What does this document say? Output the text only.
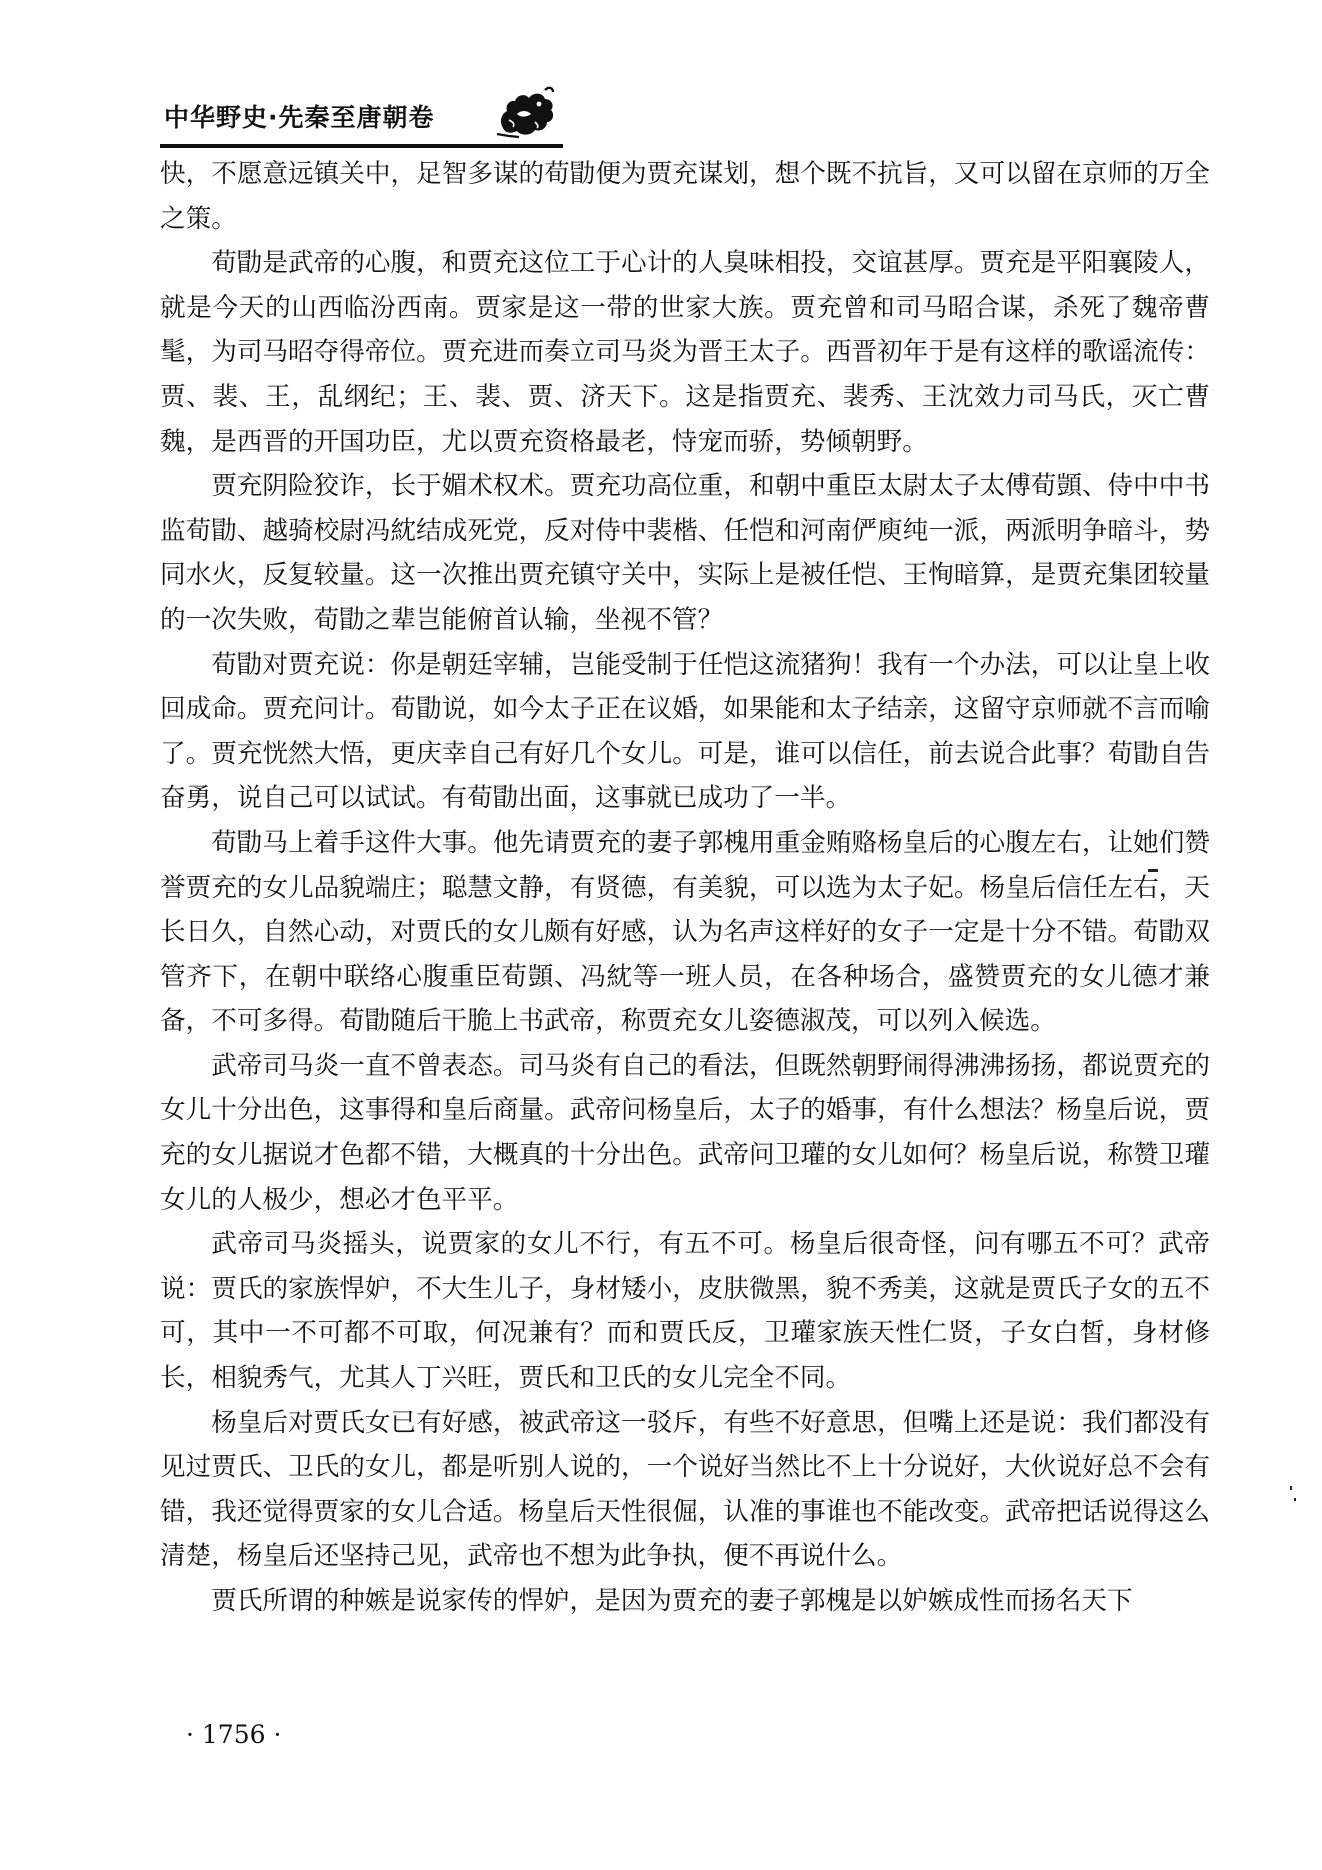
中华野史·先秦至唐朝卷

快，不愿意远镇关中，足智多谋的荀勖便为贾充谋划，想个既不抗旨，又可以留在京师的万全之策。

荀勖是武帝的心腹，和贾充这位工于心计的人臭味相投，交谊甚厚。贾充是平阳襄陵人，就是今天的山西临汾西南。贾家是这一带的世家大族。贾充曾和司马昭合谋，杀死了魏帝曹髦，为司马昭夺得帝位。贾充进而奏立司马炎为晋王太子。西晋初年于是有这样的歌谣流传：贾、裴、王，乱纲纪；王、裴、贾、济天下。这是指贾充、裴秀、王沈效力司马氏，灭亡曹魏，是西晋的开国功臣，尤以贾充资格最老，恃宠而骄，势倾朝野。

贾充阴险狡诈，长于媚术权术。贾充功高位重，和朝中重臣太尉太子太傅荀顗、侍中中书监荀勖、越骑校尉冯紞结成死党，反对侍中裴楷、任恺和河南俨庾纯一派，两派明争暗斗，势同水火，反复较量。这一次推出贾充镇守关中，实际上是被任恺、王恂暗算，是贾充集团较量的一次失败，荀勖之辈岂能俯首认输，坐视不管？

荀勖对贾充说：你是朝廷宰辅，岂能受制于任恺这流猪狗！我有一个办法，可以让皇上收回成命。贾充问计。荀勖说，如今太子正在议婚，如果能和太子结亲，这留守京师就不言而喻了。贾充恍然大悟，更庆幸自己有好几个女儿。可是，谁可以信任，前去说合此事？荀勖自告奋勇，说自己可以试试。有荀勖出面，这事就已成功了一半。

荀勖马上着手这件大事。他先请贾充的妻子郭槐用重金贿赂杨皇后的心腹左右，让她们赞誉贾充的女儿品貌端庄；聪慧文静，有贤德，有美貌，可以选为太子妃。杨皇后信任左右，天长日久，自然心动，对贾氏的女儿颇有好感，认为名声这样好的女子一定是十分不错。荀勖双管齐下，在朝中联络心腹重臣荀顗、冯紞等一班人员，在各种场合，盛赞贾充的女儿德才兼备，不可多得。荀勖随后干脆上书武帝，称贾充女儿姿德淑茂，可以列入候选。

武帝司马炎一直不曾表态。司马炎有自己的看法，但既然朝野闹得沸沸扬扬，都说贾充的女儿十分出色，这事得和皇后商量。武帝问杨皇后，太子的婚事，有什么想法？杨皇后说，贾充的女儿据说才色都不错，大概真的十分出色。武帝问卫瓘的女儿如何？杨皇后说，称赞卫瓘女儿的人极少，想必才色平平。

武帝司马炎摇头，说贾家的女儿不行，有五不可。杨皇后很奇怪，问有哪五不可？武帝说：贾氏的家族悍妒，不大生儿子，身材矮小，皮肤微黑，貌不秀美，这就是贾氏子女的五不可，其中一不可都不可取，何况兼有？而和贾氏反，卫瓘家族天性仁贤，子女白皙，身材修长，相貌秀气，尤其人丁兴旺，贾氏和卫氏的女儿完全不同。

杨皇后对贾氏女已有好感，被武帝这一驳斥，有些不好意思，但嘴上还是说：我们都没有见过贾氏、卫氏的女儿，都是听别人说的，一个说好当然比不上十分说好，大伙说好总不会有错，我还觉得贾家的女儿合适。杨皇后天性很倔，认准的事谁也不能改变。武帝把话说得这么清楚，杨皇后还坚持己见，武帝也不想为此争执，便不再说什么。

贾氏所谓的种嫉是说家传的悍妒，是因为贾充的妻子郭槐是以妒嫉成性而扬名天下

· 1756 ·
